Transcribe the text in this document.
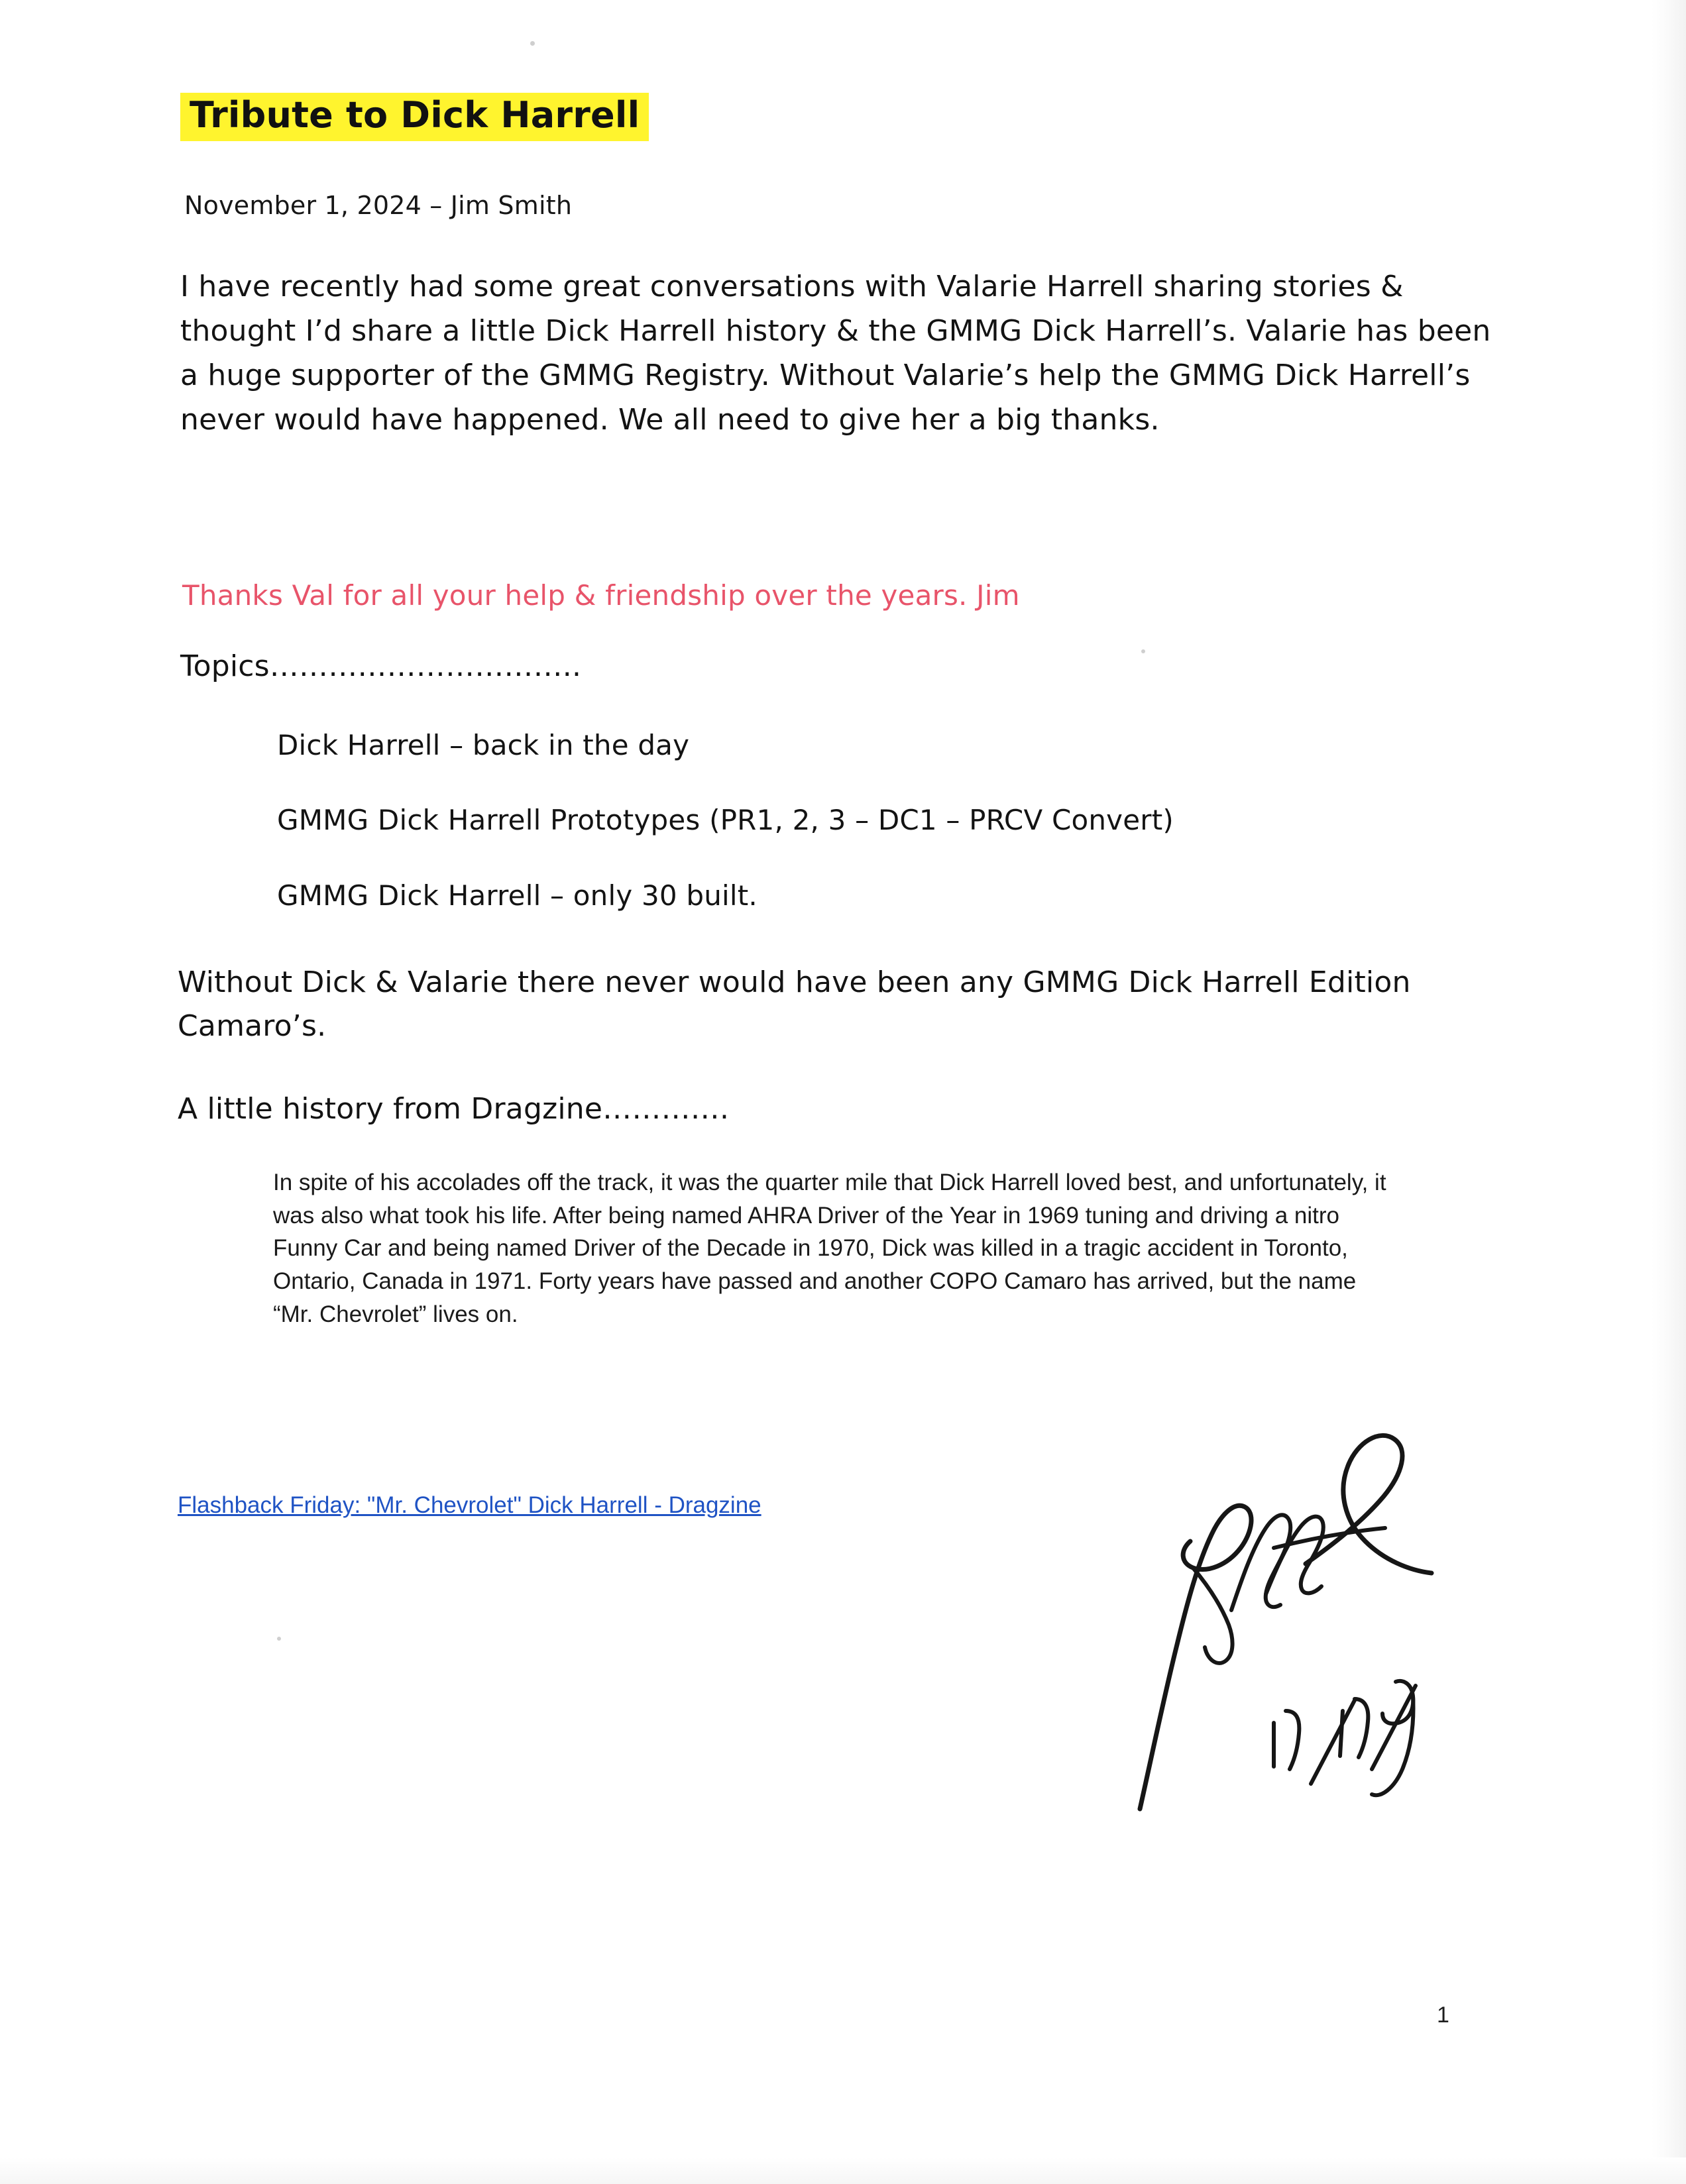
Tribute to Dick Harrell
November 1, 2024 – Jim Smith
I have recently had some great conversations with Valarie Harrell sharing stories & thought I’d share a little Dick Harrell history & the GMMG Dick Harrell’s. Valarie has been a huge supporter of the GMMG Registry. Without Valarie’s help the GMMG Dick Harrell’s never would have happened. We all need to give her a big thanks.
Thanks Val for all your help & friendship over the years. Jim
Topics…………………………..
Dick Harrell – back in the day
GMMG Dick Harrell Prototypes (PR1, 2, 3 – DC1 – PRCV Convert)
GMMG Dick Harrell – only 30 built.
Without Dick & Valarie there never would have been any GMMG Dick Harrell Edition Camaro’s.
A little history from Dragzine………….
In spite of his accolades off the track, it was the quarter mile that Dick Harrell loved best, and unfortunately, it was also what took his life. After being named AHRA Driver of the Year in 1969 tuning and driving a nitro Funny Car and being named Driver of the Decade in 1970, Dick was killed in a tragic accident in Toronto, Ontario, Canada in 1971. Forty years have passed and another COPO Camaro has arrived, but the name “Mr. Chevrolet” lives on.
Flashback Friday: "Mr. Chevrolet" Dick Harrell - Dragzine
1
